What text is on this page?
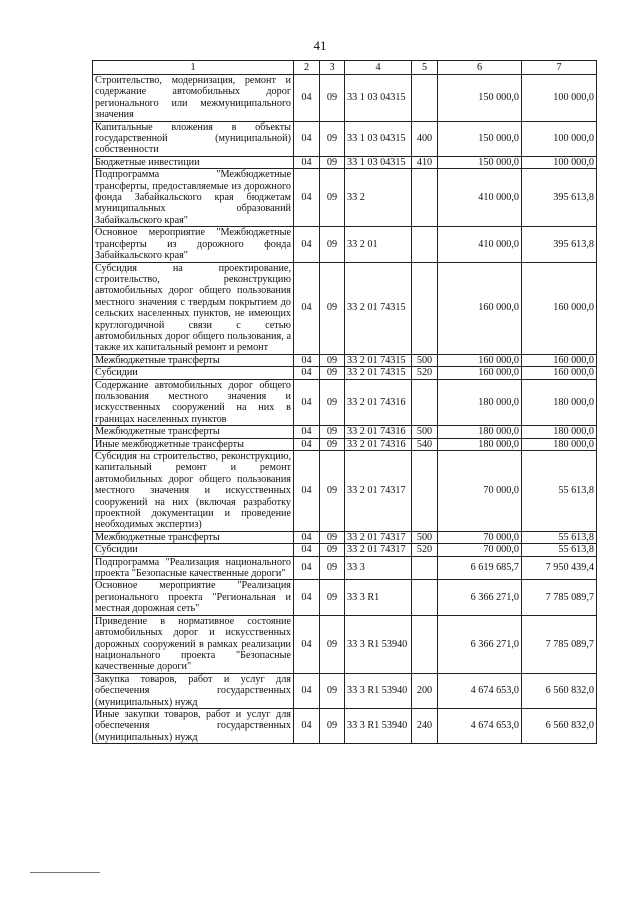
41
1	2	3	4	5	6	7
Строительство, модернизация, ремонт и содержание автомобильных дорог регионального или межмуниципального значения	04	09	33 1 03 04315		150 000,0	100 000,0
Капитальные вложения в объекты государственной (муниципальной) собственности	04	09	33 1 03 04315	400	150 000,0	100 000,0
Бюджетные инвестиции	04	09	33 1 03 04315	410	150 000,0	100 000,0
Подпрограмма "Межбюджетные трансферты, предоставляемые из дорожного фонда Забайкальского края бюджетам муниципальных образований Забайкальского края"	04	09	33 2		410 000,0	395 613,8
Основное мероприятие "Межбюджетные трансферты из дорожного фонда Забайкальского края"	04	09	33 2 01		410 000,0	395 613,8
Субсидия на проектирование, строительство, реконструкцию автомобильных дорог общего пользования местного значения с твердым покрытием до сельских населенных пунктов, не имеющих круглогодичной связи с сетью автомобильных дорог общего пользования, а также их капитальный ремонт и ремонт	04	09	33 2 01 74315		160 000,0	160 000,0
Межбюджетные трансферты	04	09	33 2 01 74315	500	160 000,0	160 000,0
Субсидии	04	09	33 2 01 74315	520	160 000,0	160 000,0
Содержание автомобильных дорог общего пользования местного значения и искусственных сооружений на них в границах населенных пунктов	04	09	33 2 01 74316		180 000,0	180 000,0
Межбюджетные трансферты	04	09	33 2 01 74316	500	180 000,0	180 000,0
Иные межбюджетные трансферты	04	09	33 2 01 74316	540	180 000,0	180 000,0
Субсидия на строительство, реконструкцию, капитальный ремонт и ремонт автомобильных дорог общего пользования местного значения и искусственных сооружений на них (включая разработку проектной документации и проведение необходимых экспертиз)	04	09	33 2 01 74317		70 000,0	55 613,8
Межбюджетные трансферты	04	09	33 2 01 74317	500	70 000,0	55 613,8
Субсидии	04	09	33 2 01 74317	520	70 000,0	55 613,8
Подпрограмма "Реализация национального проекта "Безопасные качественные дороги"	04	09	33 3		6 619 685,7	7 950 439,4
Основное мероприятие "Реализация регионального проекта "Региональная и местная дорожная сеть"	04	09	33 3 R1		6 366 271,0	7 785 089,7
Приведение в нормативное состояние автомобильных дорог и искусственных дорожных сооружений в рамках реализации национального проекта "Безопасные качественные дороги"	04	09	33 3 R1 53940		6 366 271,0	7 785 089,7
Закупка товаров, работ и услуг для обеспечения государственных (муниципальных) нужд	04	09	33 3 R1 53940	200	4 674 653,0	6 560 832,0
Иные закупки товаров, работ и услуг для обеспечения государственных (муниципальных) нужд	04	09	33 3 R1 53940	240	4 674 653,0	6 560 832,0
